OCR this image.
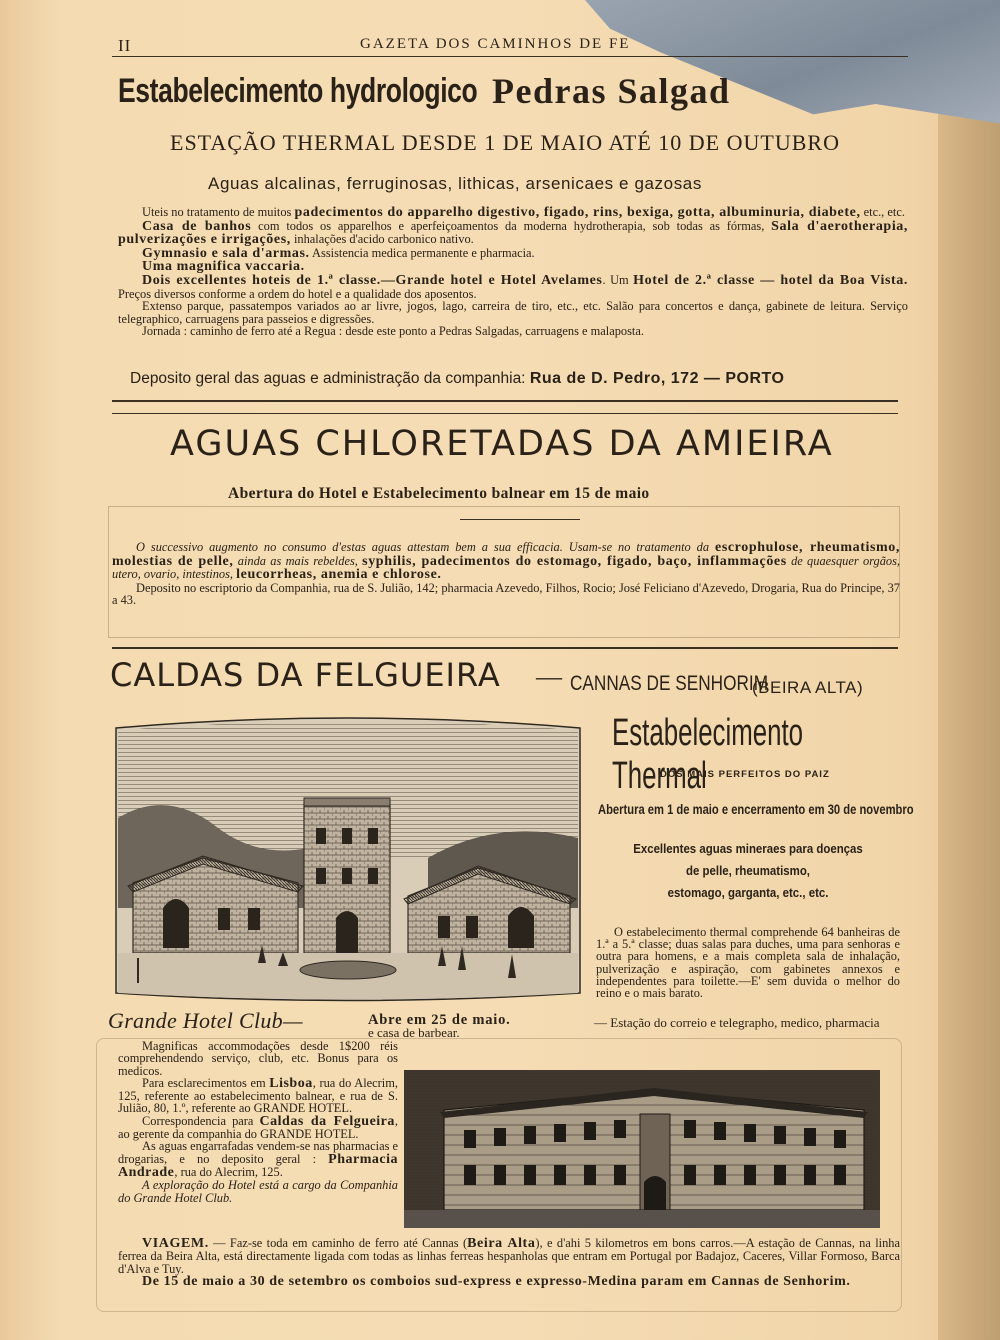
II	GAZETA DOS CAMINHOS DE FE
Estabelecimento hydrologico Pedras Salgad
ESTAÇÃO THERMAL DESDE 1 DE MAIO ATÉ 10 DE OUTUBRO
Aguas alcalinas, ferruginosas, lithicas, arsenicaes e gazosas

Uteis no tratamento de muitos padecimentos do apparelho digestivo, figado, rins, bexiga, gotta, albuminuria, diabete, etc., etc.

Casa de banhos com todos os apparelhos e aperfeiçoamentos da moderna hydrotherapia, sob todas as fórmas, Sala d'aerotherapia, pulverizações e irrigações, inhalações d'acido carbonico nativo.

Gymnasio e sala d'armas. Assistencia medica permanente e pharmacia.

Uma magnifica vaccaria.

Dois excellentes hoteis de 1.ª classe.—Grande hotel e Hotel Avelames. Um Hotel de 2.ª classe — hotel da Boa Vista. Preços diversos conforme a ordem do hotel e a qualidade dos aposentos.

Extenso parque, passatempos variados ao ar livre, jogos, lago, carreira de tiro, etc., etc. Salão para concertos e dança, gabinete de leitura. Serviço telegraphico, carruagens para passeios e digressões.

Jornada : caminho de ferro até a Regua : desde este ponto a Pedras Salgadas, carruagens e malaposta.

Deposito geral das aguas e administração da companhia: Rua de D. Pedro, 172 — PORTO
AGUAS CHLORETADAS DA AMIEIRA
Abertura do Hotel e Estabelecimento balnear em 15 de maio

O successivo augmento no consumo d'estas aguas attestam bem a sua efficacia. Usam-se no tratamento da escrophulose, rheumatismo, molestias de pelle, ainda as mais rebeldes, syphilis, padecimentos do estomago, figado, baço, inflammações de quaesquer orgãos, utero, ovario, intestinos, leucorrheas, anemia e chlorose.

Deposito no escriptorio da Companhia, rua de S. Julião, 142; pharmacia Azevedo, Filhos, Rocio; José Feliciano d'Azevedo, Drogaria, Rua do Principe, 37 a 43.

CALDAS DA FELGUEIRA — CANNAS DE SENHORIM
(BEIRA ALTA)
Estabelecimento Thermal
DOS MAIS PERFEITOS DO PAIZ
Abertura em 1 de maio e encerramento em 30 de novembro
Excellentes aguas mineraes para doenças
de pelle, rheumatismo,
estomago, garganta, etc., etc.
O estabelecimento thermal comprehende 64 banheiras de 1.ª a 5.ª classe; duas salas para duches, uma para senhoras e outra para homens, e a mais completa sala de inhalação, pulverização e aspiração, com gabinetes annexos e independentes para toilette.—E' sem duvida o melhor do reino e o mais barato.
Grande Hotel Club—	Abre em 25 de maio.	— Estação do correio e telegrapho, medico, pharmacia
e casa de barbear.

Magnificas accommodações desde 1$200 réis comprehendendo serviço, club, etc. Bonus para os medicos.

Para esclarecimentos em Lisboa, rua do Alecrim, 125, referente ao estabelecimento balnear, e rua de S. Julião, 80, 1.º, referente ao GRANDE HOTEL.

Correspondencia para Caldas da Felgueira, ao gerente da companhia do GRANDE HOTEL.

As aguas engarrafadas vendem-se nas pharmacias e drogarias, e no deposito geral : Pharmacia Andrade, rua do Alecrim, 125.

A exploração do Hotel está a cargo da Companhia do Grande Hotel Club.

VIAGEM. — Faz-se toda em caminho de ferro até Cannas (Beira Alta), e d'ahi 5 kilometros em bons carros.—A estação de Cannas, na linha ferrea da Beira Alta, está directamente ligada com todas as linhas ferreas hespanholas que entram em Portugal por Badajoz, Caceres, Villar Formoso, Barca d'Alva e Tuy.

De 15 de maio a 30 de setembro os comboios sud-express e expresso-Medina param em Cannas de Senhorim.
